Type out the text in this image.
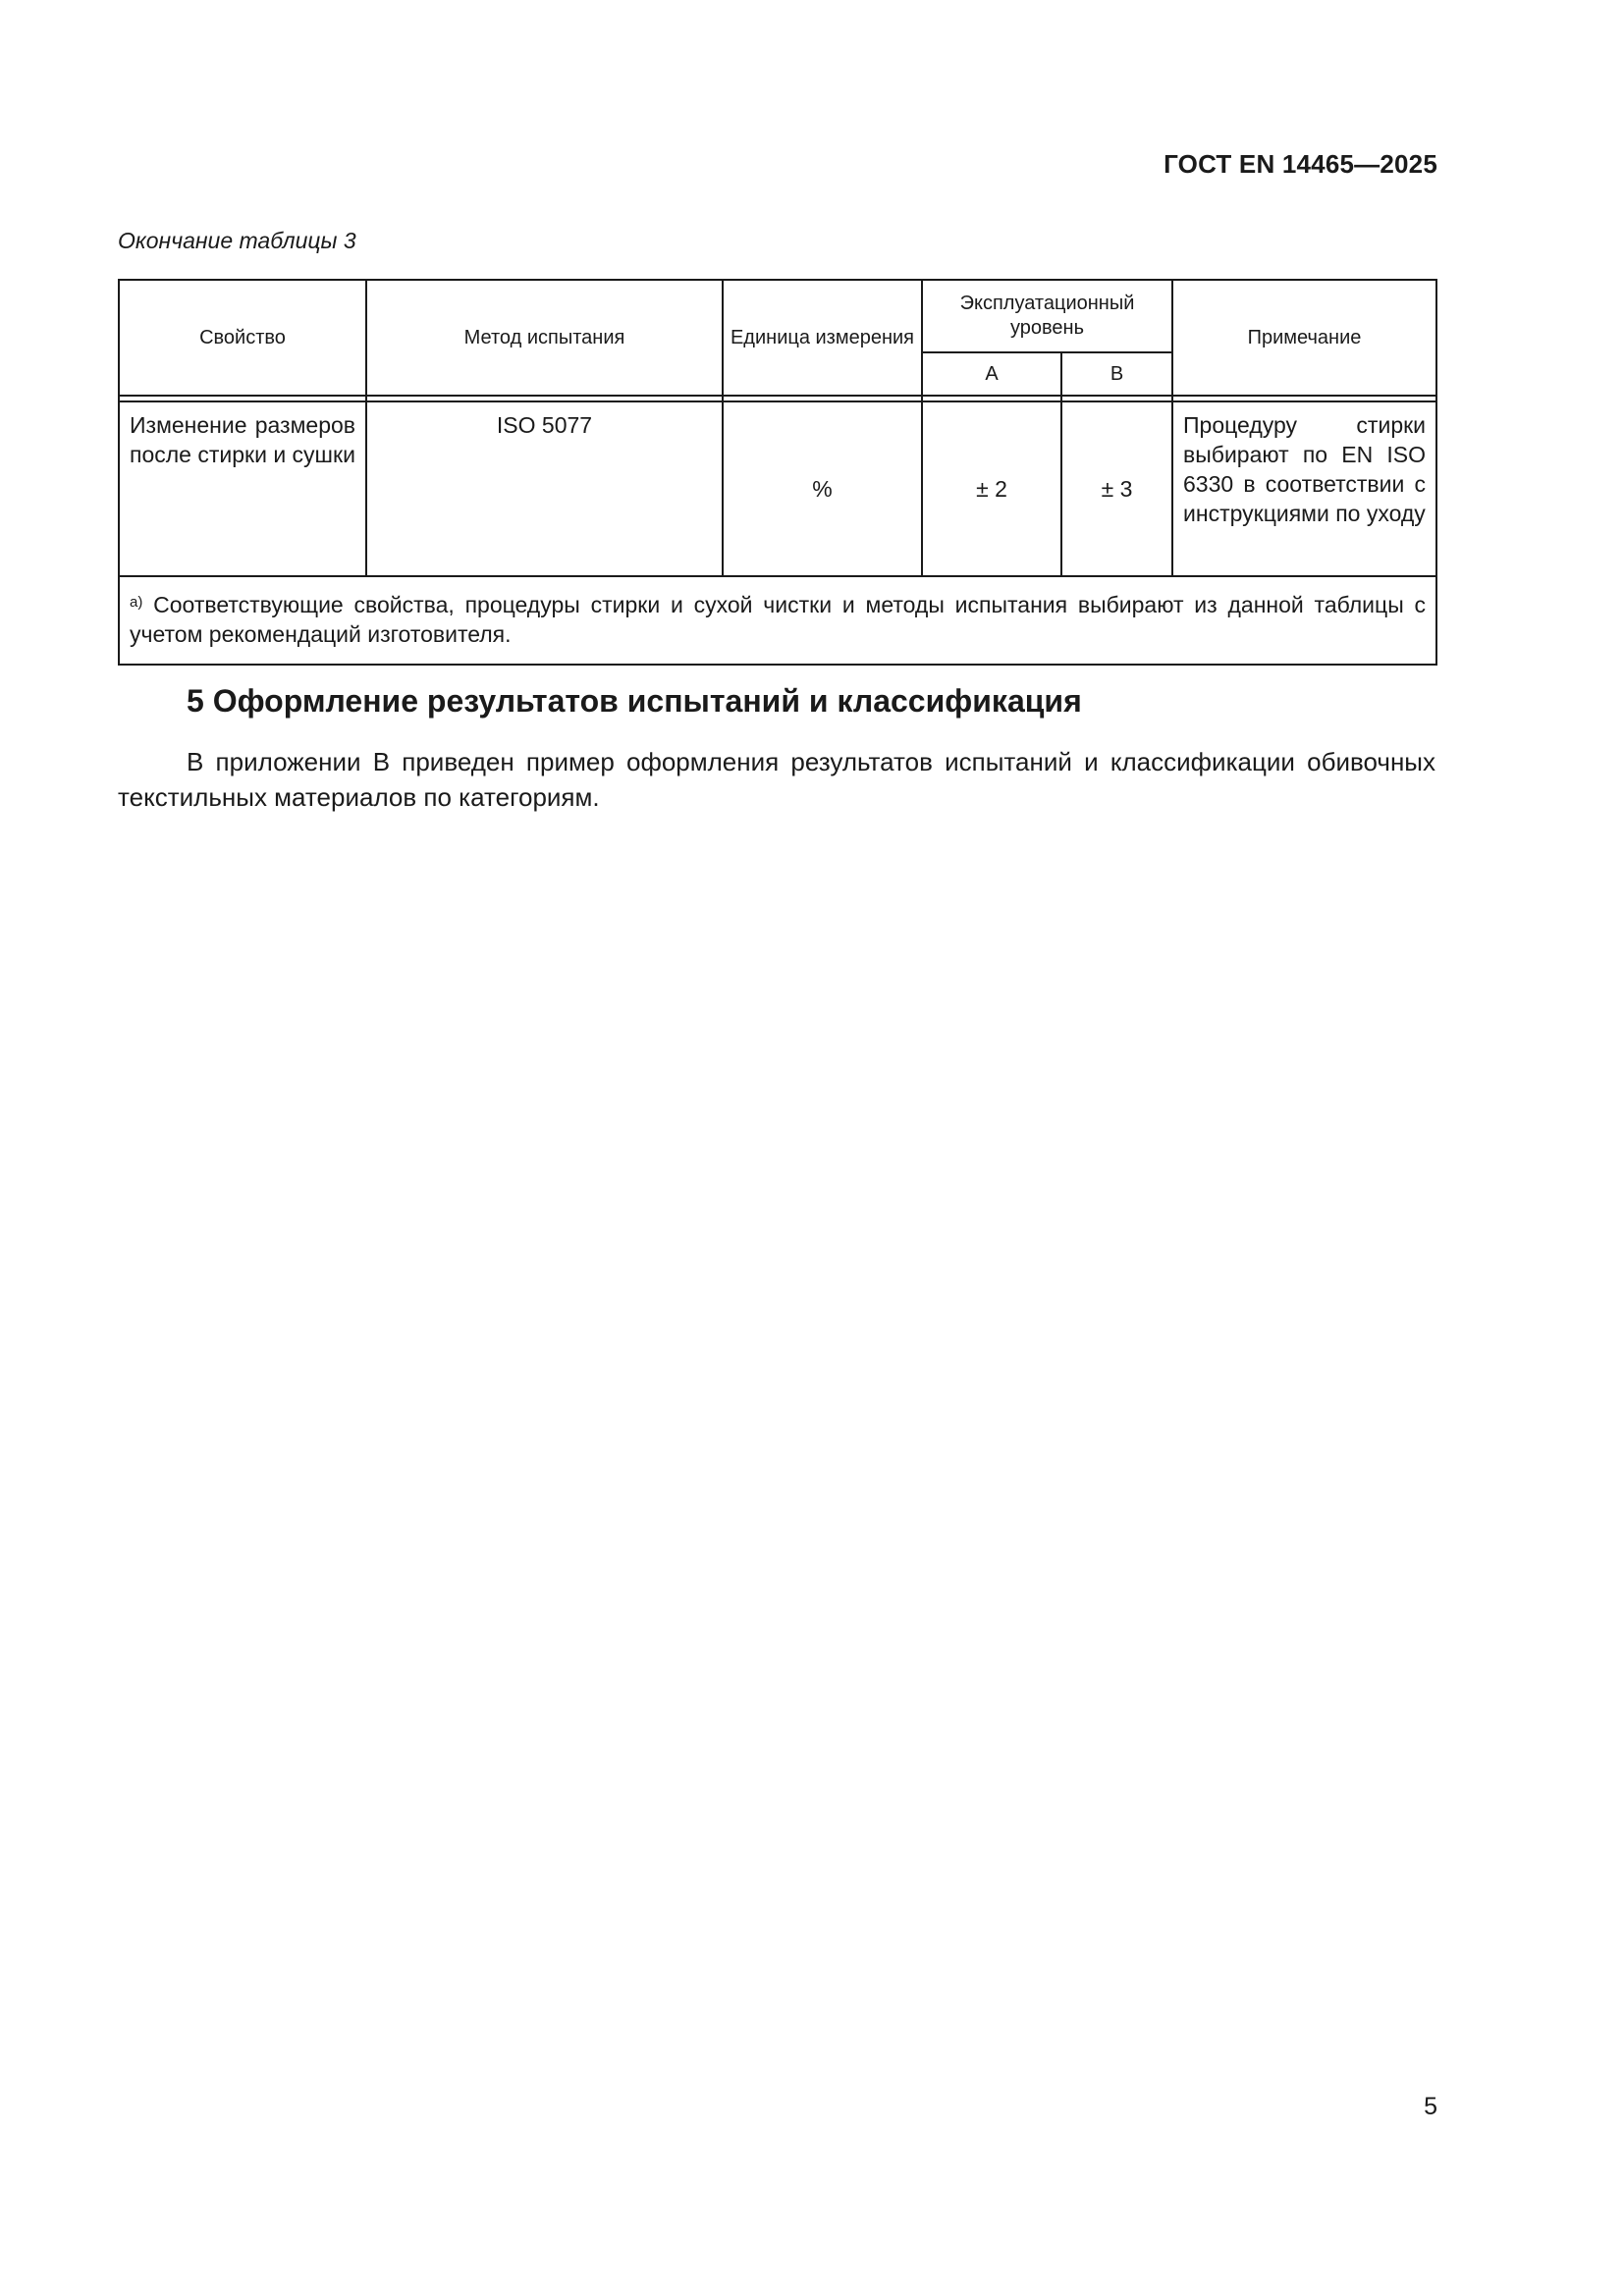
ГОСТ EN 14465—2025
Окончание таблицы 3
Свойство	Метод испытания	Единица измерения	Эксплуатационный уровень		Примечание
			А	В	

Изменение размеров после стирки и сушки	ISO 5077	%	± 2	± 3	Процедуру стирки выбирают по EN ISO 6330 в соответствии с инструкциями по уходу
$^{a)}$ Соответствующие свойства, процедуры стирки и сухой чистки и методы испытания выбирают из данной таблицы с учетом рекомендаций изготовителя.					
5 Оформление результатов испытаний и классификация
В приложении В приведен пример оформления результатов испытаний и классификации обивочных текстильных материалов по категориям.
5
